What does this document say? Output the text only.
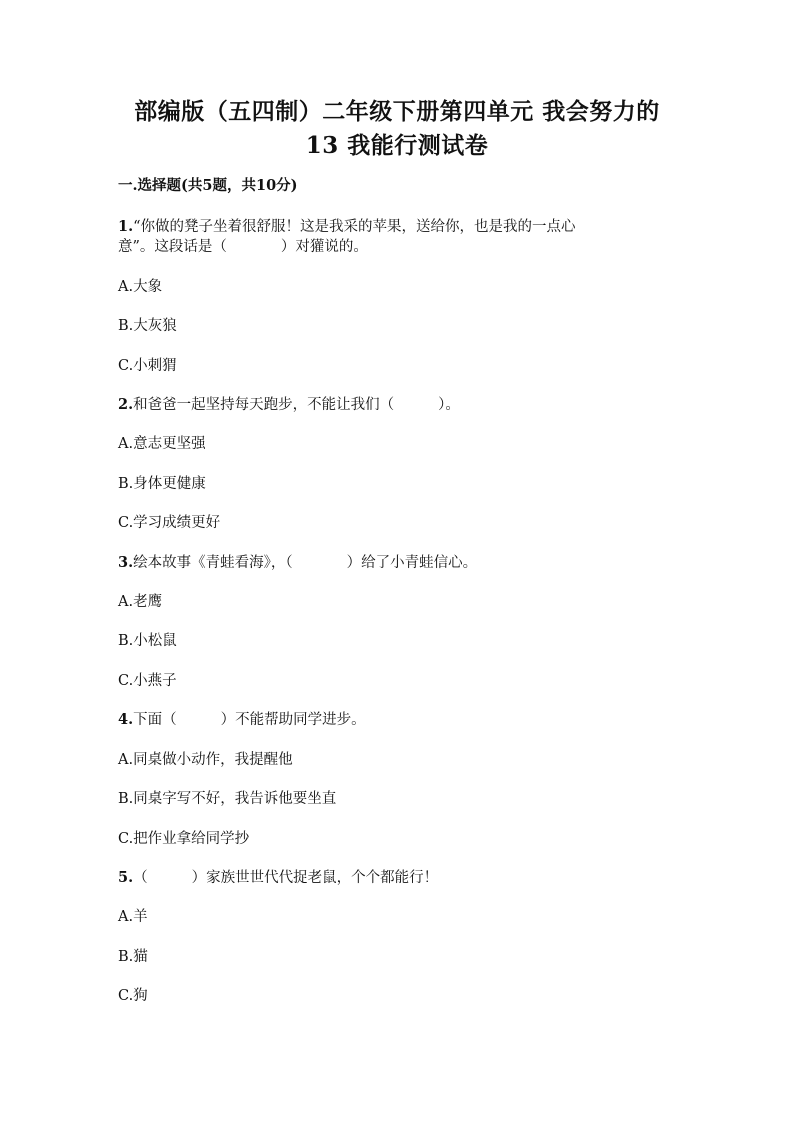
部编版（五四制）二年级下册第四单元 我会努力的
13 我能行测试卷
一.选择题(共5题，共10分)
1.“你做的凳子坐着很舒服！这是我采的苹果，送给你，也是我的一点心
意”。这段话是（	）对獾说的。
A.大象
B.大灰狼
C.小刺猬
2.和爸爸一起坚持每天跑步，不能让我们（	）。
A.意志更坚强
B.身体更健康
C.学习成绩更好
3.绘本故事《青蛙看海》，（	）给了小青蛙信心。
A.老鹰
B.小松鼠
C.小燕子
4.下面（	）不能帮助同学进步。
A.同桌做小动作，我提醒他
B.同桌字写不好，我告诉他要坐直
C.把作业拿给同学抄
5.（	）家族世世代代捉老鼠，个个都能行！
A.羊
B.猫
C.狗
